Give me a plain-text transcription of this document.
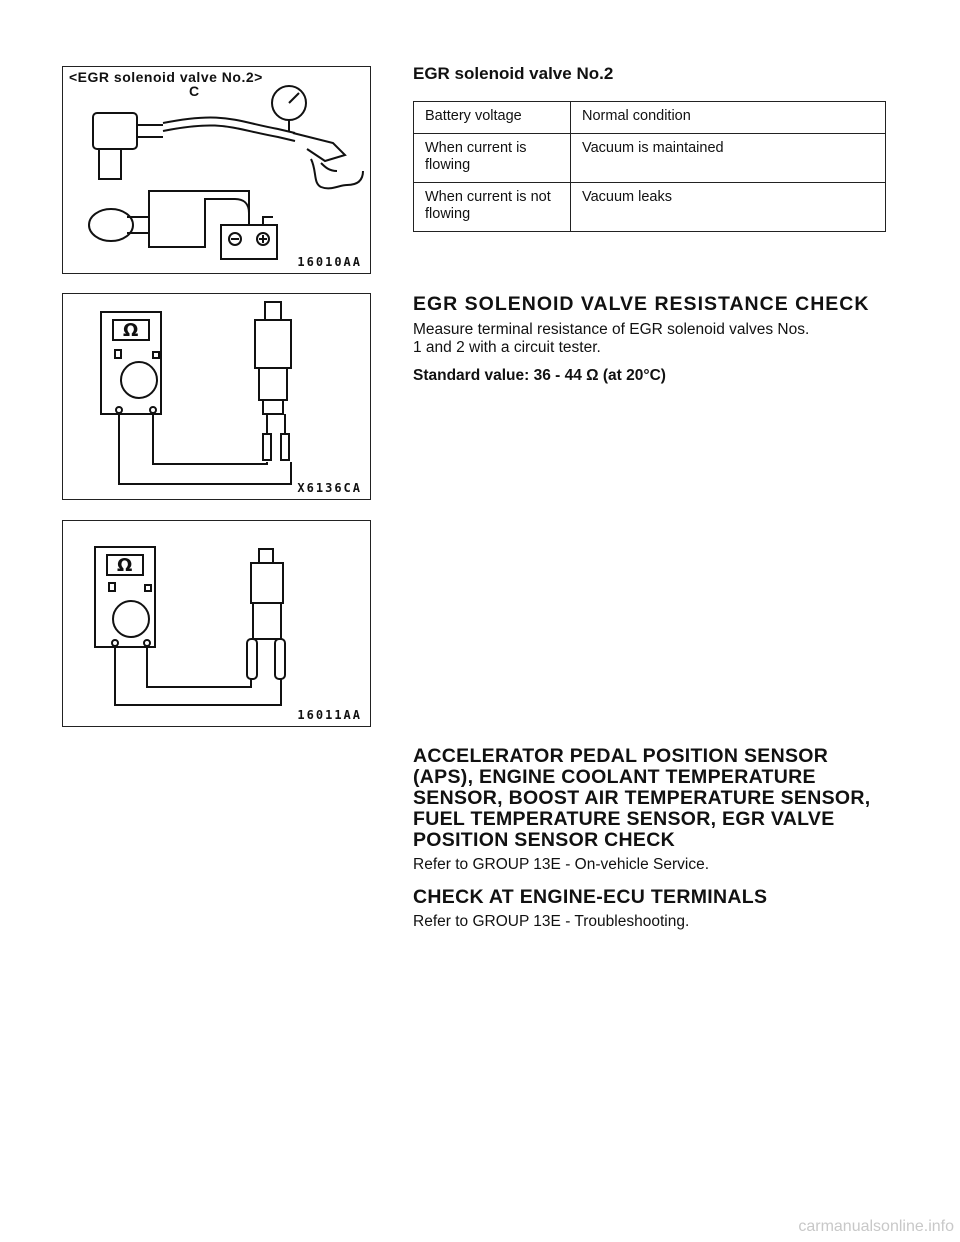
<EGR solenoid valve No.2>
C
16010AA
Ω
X6136CA
Ω
16011AA
EGR solenoid valve No.2
Battery voltage	Normal condition
When current is flowing	Vacuum is maintained
When current is not flowing	Vacuum leaks
EGR SOLENOID VALVE RESISTANCE CHECK
Measure terminal resistance of EGR solenoid valves Nos.
1 and 2 with a circuit tester.
Standard value: 36 - 44 Ω (at 20°C)
ACCELERATOR PEDAL POSITION SENSOR
(APS), ENGINE COOLANT TEMPERATURE
SENSOR, BOOST AIR TEMPERATURE SENSOR,
FUEL TEMPERATURE SENSOR, EGR VALVE
POSITION SENSOR CHECK
Refer to GROUP 13E - On-vehicle Service.
CHECK AT ENGINE-ECU TERMINALS
Refer to GROUP 13E - Troubleshooting.
carmanualsonline.info
